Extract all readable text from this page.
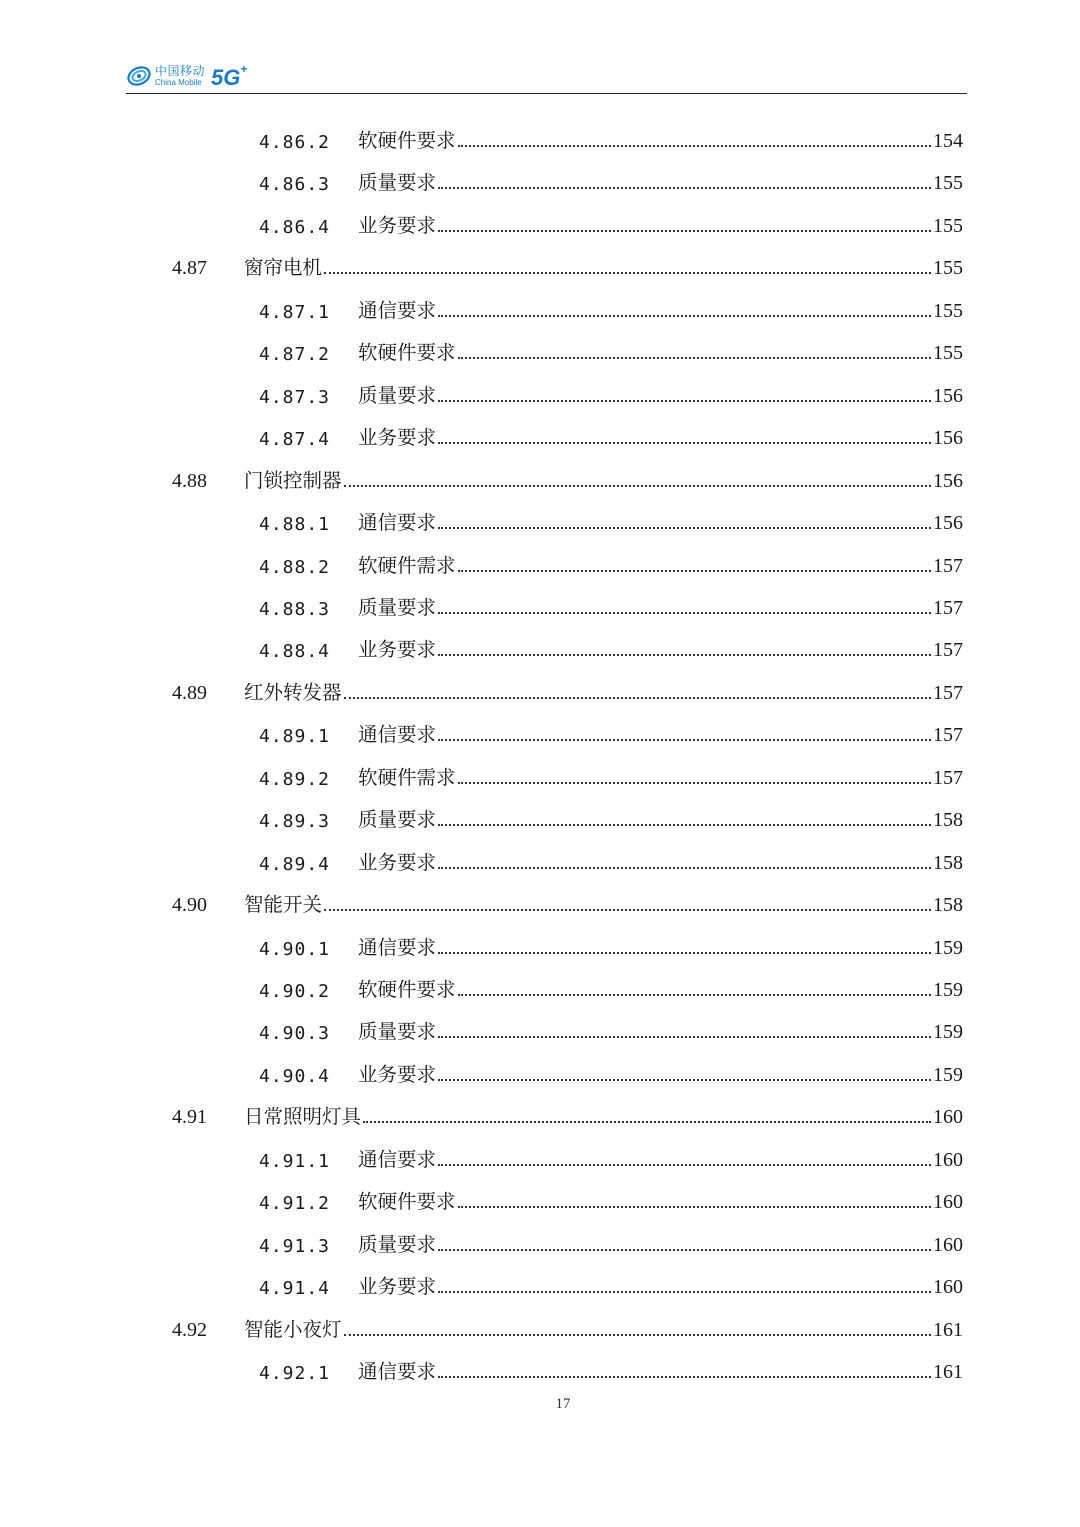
中国移动
China Mobile 5G +
4.86.2	软硬件要求	154
4.86.3	质量要求	155
4.86.4	业务要求	155
4.87	窗帘电机	155
4.87.1	通信要求	155
4.87.2	软硬件要求	155
4.87.3	质量要求	156
4.87.4	业务要求	156
4.88	门锁控制器	156
4.88.1	通信要求	156
4.88.2	软硬件需求	157
4.88.3	质量要求	157
4.88.4	业务要求	157
4.89	红外转发器	157
4.89.1	通信要求	157
4.89.2	软硬件需求	157
4.89.3	质量要求	158
4.89.4	业务要求	158
4.90	智能开关	158
4.90.1	通信要求	159
4.90.2	软硬件要求	159
4.90.3	质量要求	159
4.90.4	业务要求	159
4.91	日常照明灯具	160
4.91.1	通信要求	160
4.91.2	软硬件要求	160
4.91.3	质量要求	160
4.91.4	业务要求	160
4.92	智能小夜灯	161
4.92.1	通信要求	161
17
